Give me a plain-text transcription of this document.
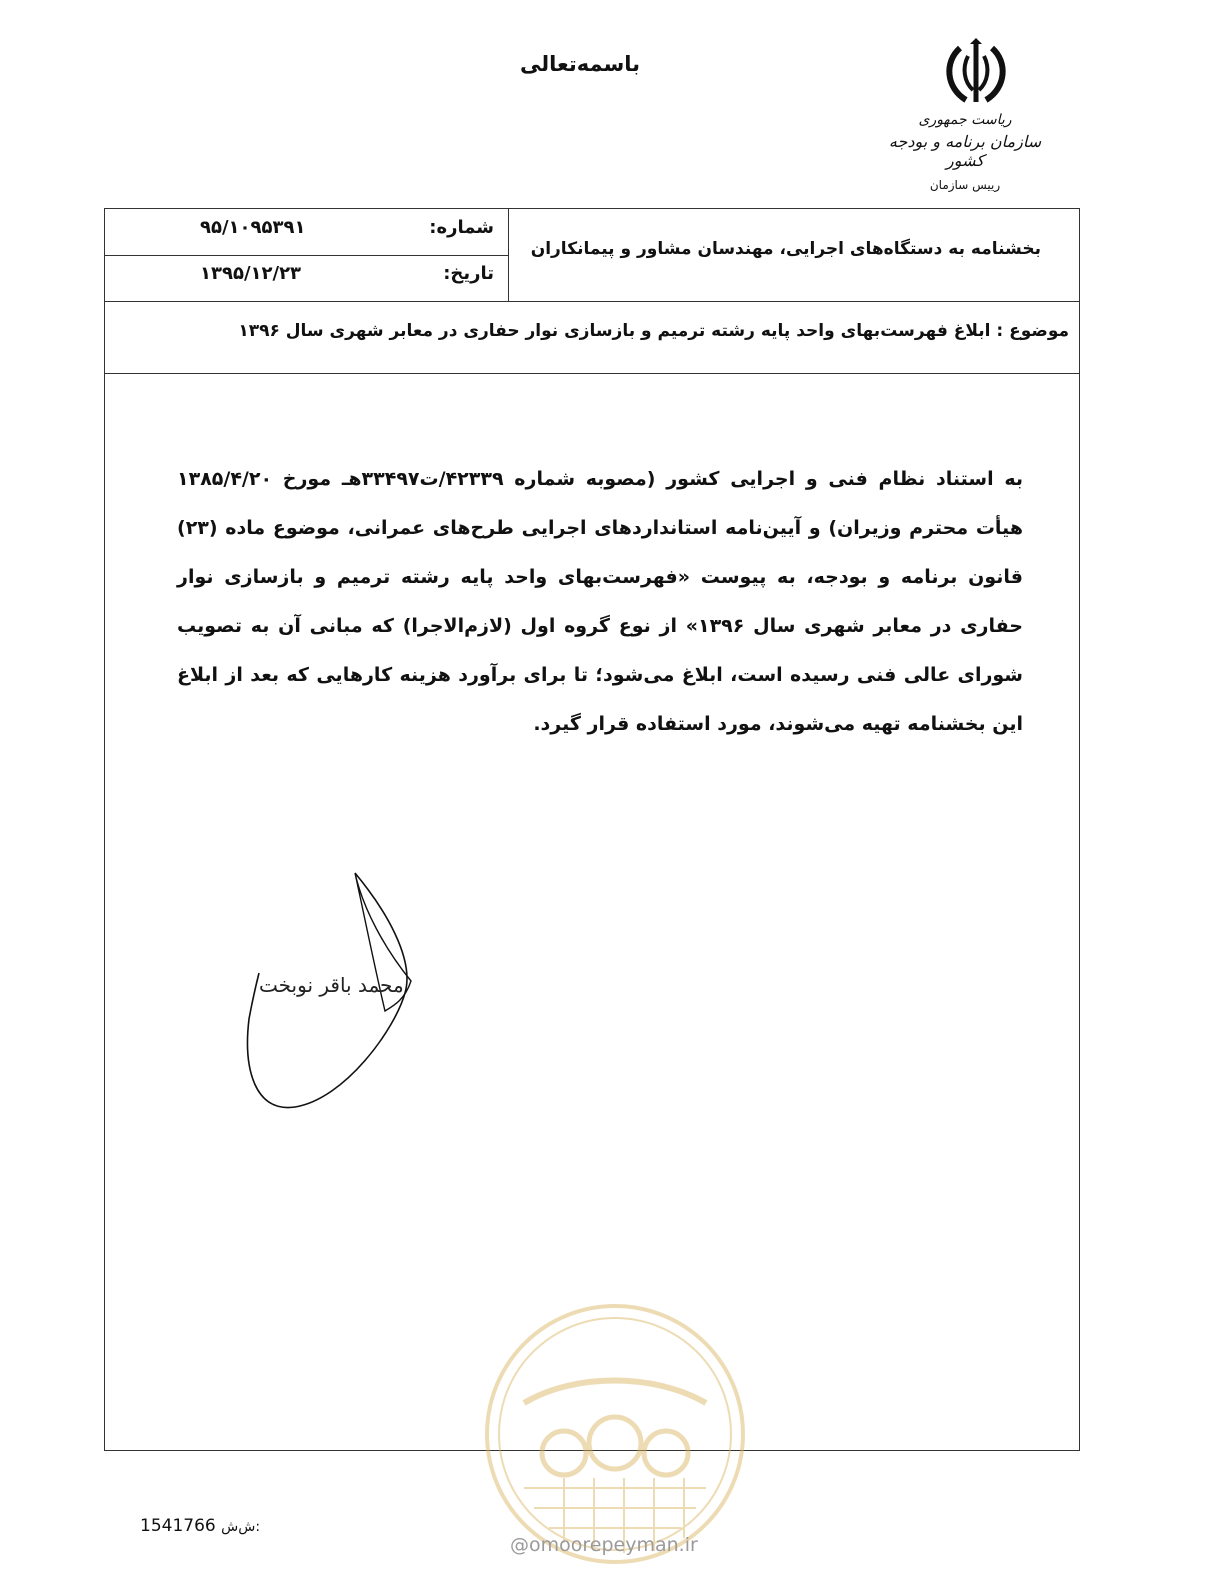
باسمه‌تعالی
ریاست جمهوری
سازمان برنامه و بودجه کشور
رییس سازمان
شماره:
۹۵/۱۰۹۵۳۹۱
تاریخ:
۱۳۹۵/۱۲/۲۳
بخشنامه به دستگاه‌های اجرایی، مهندسان مشاور و پیمانکاران
موضوع : ابلاغ فهرست‌بهای واحد پایه رشته ترمیم و بازسازی نوار حفاری در معابر شهری سال ۱۳۹۶

به استناد نظام فنی و اجرایی کشور (مصوبه شماره ۴۲۳۳۹/ت۳۳۴۹۷هـ مورخ ۱۳۸۵/۴/۲۰ هیأت محترم وزیران) و آیین‌نامه استانداردهای اجرایی طرح‌های عمرانی، موضوع ماده (۲۳) قانون برنامه و بودجه، به پیوست «فهرست‌بهای واحد پایه رشته ترمیم و بازسازی نوار حفاری در معابر شهری سال ۱۳۹۶» از نوع گروه اول (لازم‌الاجرا) که مبانی آن به تصویب شورای عالی فنی رسیده است، ابلاغ می‌شود؛ تا برای برآورد هزینه کارهایی که بعد از ابلاغ این بخشنامه تهیه می‌شوند، مورد استفاده قرار گیرد.

محمد باقر نوبخت
@omoorepeyman.ir
1541766 ش‌ش:
